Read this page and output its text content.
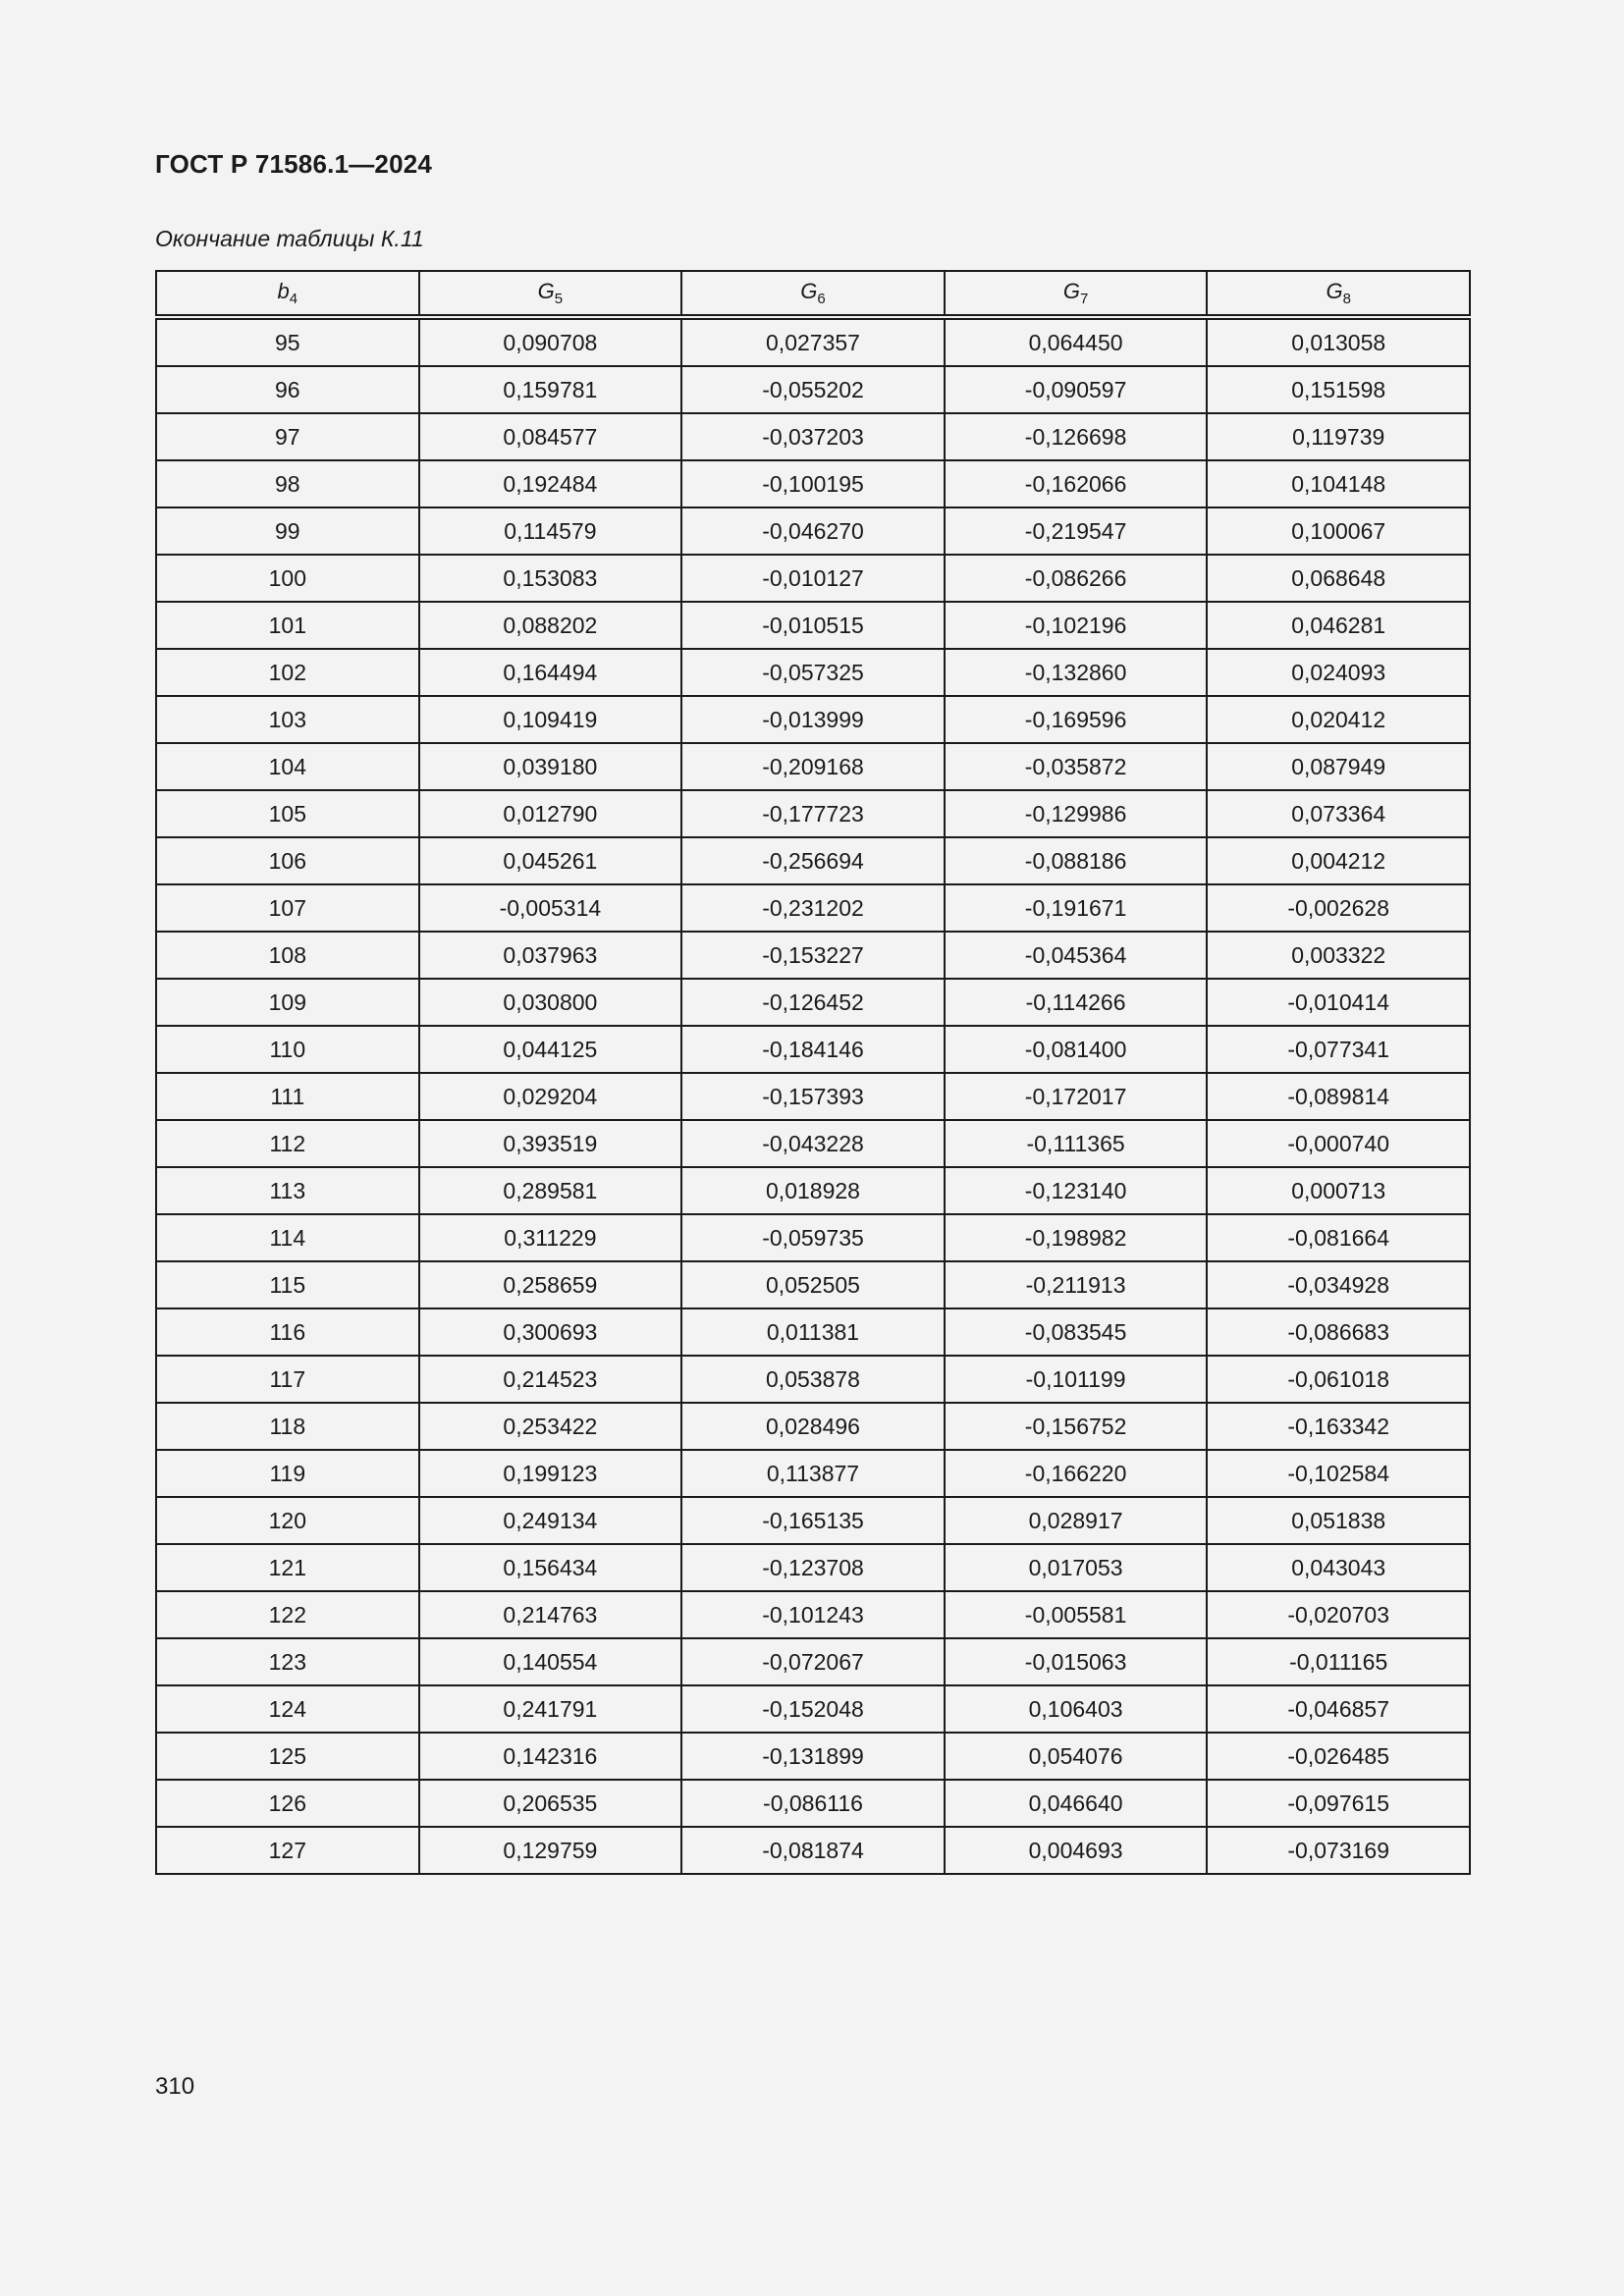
ГОСТ Р 71586.1—2024
Окончание таблицы К.11
$b_4$	$G_5$	$G_6$	$G_7$	$G_8$
95	0,090708	0,027357	0,064450	0,013058
96	0,159781	-0,055202	-0,090597	0,151598
97	0,084577	-0,037203	-0,126698	0,119739
98	0,192484	-0,100195	-0,162066	0,104148
99	0,114579	-0,046270	-0,219547	0,100067
100	0,153083	-0,010127	-0,086266	0,068648
101	0,088202	-0,010515	-0,102196	0,046281
102	0,164494	-0,057325	-0,132860	0,024093
103	0,109419	-0,013999	-0,169596	0,020412
104	0,039180	-0,209168	-0,035872	0,087949
105	0,012790	-0,177723	-0,129986	0,073364
106	0,045261	-0,256694	-0,088186	0,004212
107	-0,005314	-0,231202	-0,191671	-0,002628
108	0,037963	-0,153227	-0,045364	0,003322
109	0,030800	-0,126452	-0,114266	-0,010414
110	0,044125	-0,184146	-0,081400	-0,077341
111	0,029204	-0,157393	-0,172017	-0,089814
112	0,393519	-0,043228	-0,111365	-0,000740
113	0,289581	0,018928	-0,123140	0,000713
114	0,311229	-0,059735	-0,198982	-0,081664
115	0,258659	0,052505	-0,211913	-0,034928
116	0,300693	0,011381	-0,083545	-0,086683
117	0,214523	0,053878	-0,101199	-0,061018
118	0,253422	0,028496	-0,156752	-0,163342
119	0,199123	0,113877	-0,166220	-0,102584
120	0,249134	-0,165135	0,028917	0,051838
121	0,156434	-0,123708	0,017053	0,043043
122	0,214763	-0,101243	-0,005581	-0,020703
123	0,140554	-0,072067	-0,015063	-0,011165
124	0,241791	-0,152048	0,106403	-0,046857
125	0,142316	-0,131899	0,054076	-0,026485
126	0,206535	-0,086116	0,046640	-0,097615
127	0,129759	-0,081874	0,004693	-0,073169
310
